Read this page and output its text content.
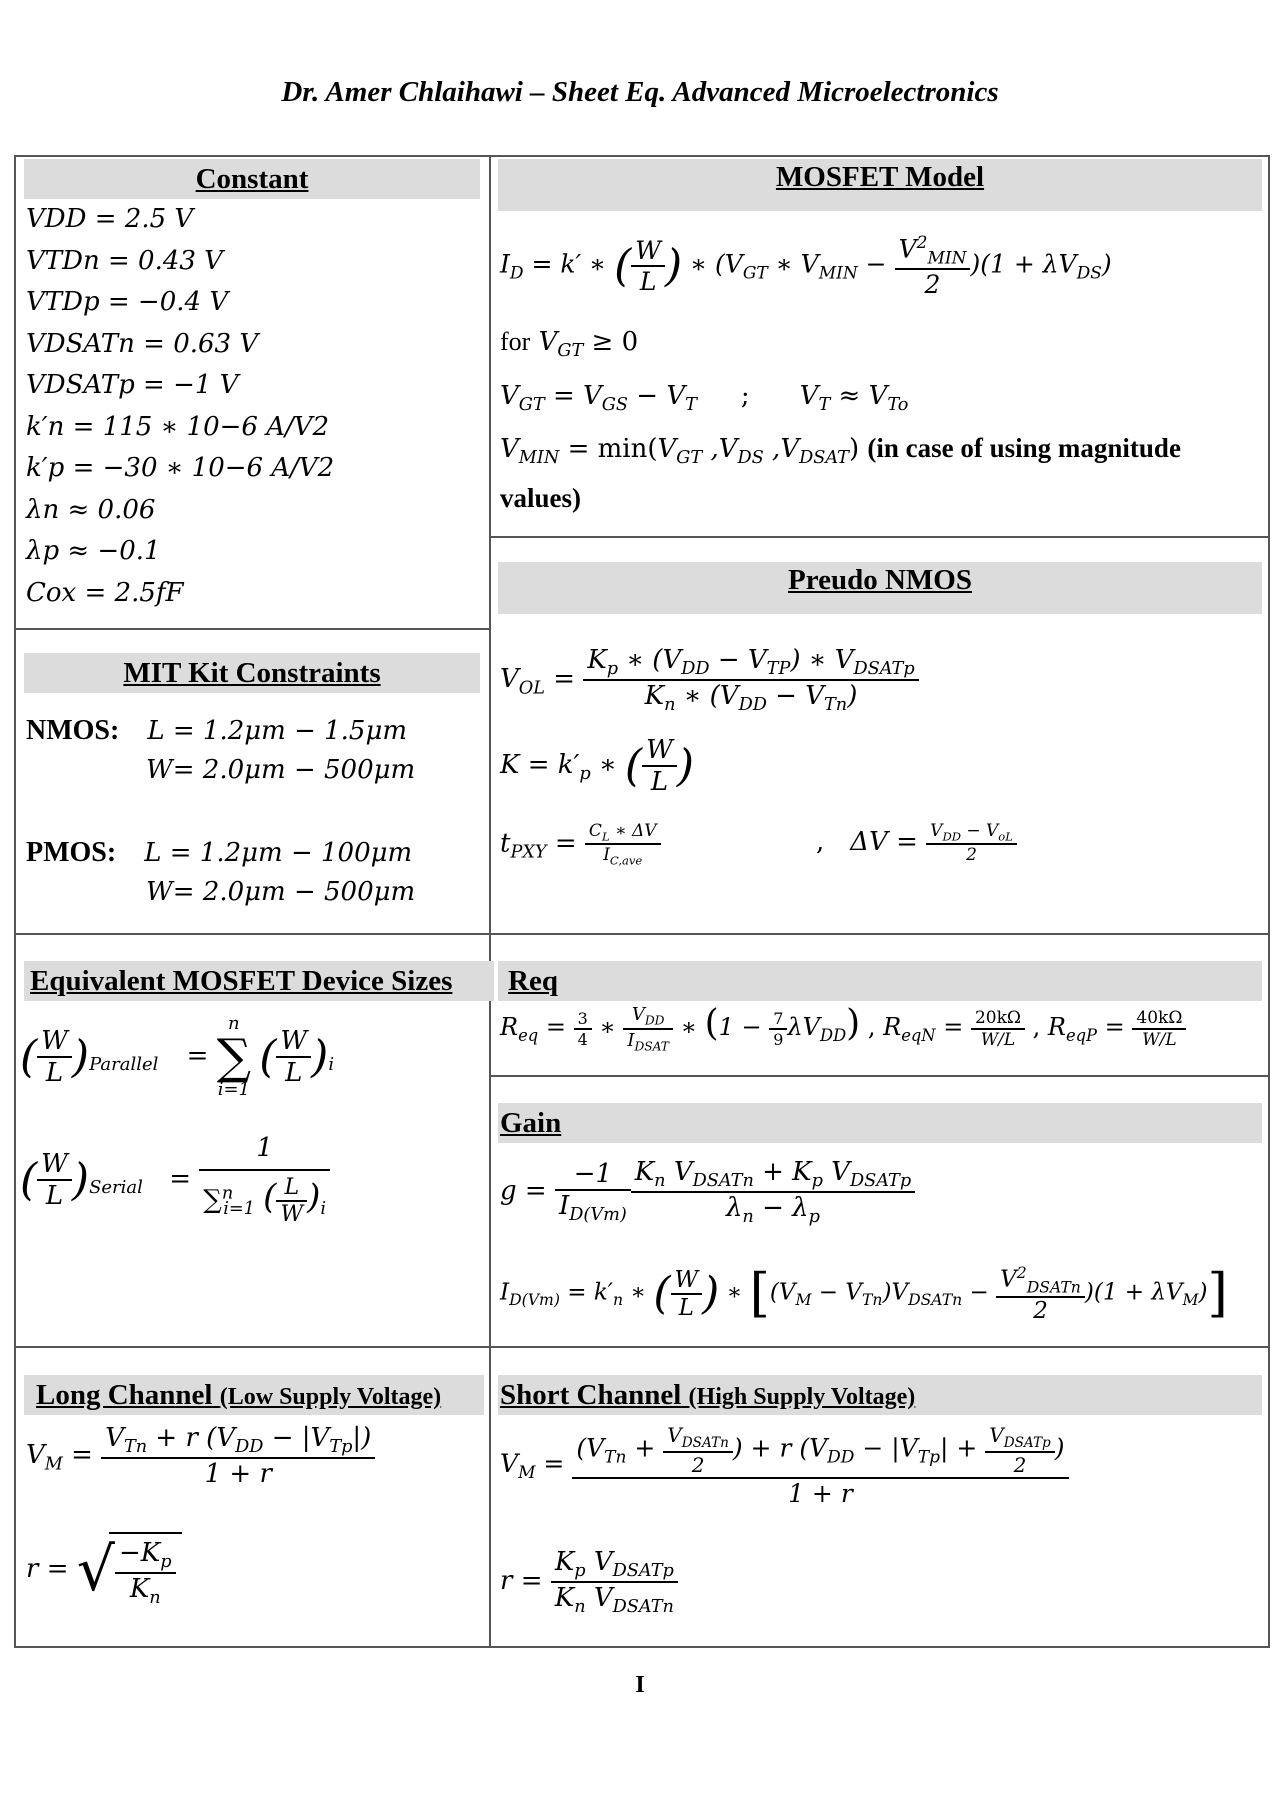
Dr. Amer Chlaihawi – Sheet Eq. Advanced Microelectronics
Constant
VDD = 2.5 V
VTDn = 0.43 V
VTDp = −0.4 V
VDSATn = 0.63 V
VDSATp = −1 V
k′n = 115 ∗ 10−6 A/V2
k′p = −30 ∗ 10−6 A/V2
λn ≈ 0.06
λp ≈ −0.1
Cox = 2.5fF
MIT Kit Constraints
NMOS: L = 1.2μm − 1.5μm
W= 2.0μm − 500μm
PMOS: L = 1.2μm − 100μm
W= 2.0μm − 500μm
Equivalent MOSFET Device Sizes
( $\frac{W}{L} )_{Parallel}$ =
n
∑
i=1
( $\frac{W}{L} )_i$
( $\frac{W}{L} )_{Serial} = \frac{1}{\sum^n_{i=1} ( \frac{L}{W} )_i}$
Long Channel (Low Supply Voltage)
$V_M = \frac{V_{Tn} + r (V_{DD} - |V_{Tp}|)}{1 + r}$
r = √
$\frac{-K_p}{K_n}$
MOSFET Model
$I_D = k'$ ∗ ( $\frac{W}{L}$ ) ∗ ($V_{GT}$ ∗ $V_{MIN} - \frac{V^2_{MIN}}{2} )(1 + \lambda V_{DS})$
for $V_{GT} \ge 0$
$V_{GT} = V_{GS} - V_T$ ; $V_T \approx V_{To}$
$V_{MIN} = \min(V_{GT}$ $,V_{DS}$ $,V_{DSAT}$) (in case of using magnitude
values)
Preudo NMOS
$V_{OL} = \frac{K_p ∗ (V_{DD} - V_{TP}) ∗ V_{DSATp}}{K_n ∗ (V_{DD} - V_{Tn})}$
$K = k'_p$ ∗ ( $\frac{W}{L}$ )
$t_{PXY} = \frac{C_L ∗ \Delta V}{I_{C,ave}}$	, $\Delta V = \frac{V_{DD} - V_{oL}}{2}$
Req
$R_{eq} = \frac{3}{4}$ ∗ $\frac{V_{DD}}{I_{DSAT}}$ ∗ $(1 - \frac{7}{9} \lambda V_{DD})$ , $R_{eqN} = \frac{20k\Omega}{W/L}$ , $R_{eqP} = \frac{40k\Omega}{W/L}$
Gain
$g = \frac{-1}{I_{D(Vm)}} \frac{K_n V_{DSATn} + K_p V_{DSATp}}{\lambda_n - \lambda_p}$
$I_{D(Vm)} = k'_n$ ∗ ( $\frac{W}{L}$ ) ∗ $[(V_M - V_{Tn})V_{DSATn} - \frac{V^2_{DSATn}}{2} )(1 + \lambda V_M)$]
Short Channel (High Supply Voltage)
$V_M = \frac{(V_{Tn} + \frac{V_{DSATn}}{2} ) + r (V_{DD} - |V_{Tp}| + \frac{V_{DSATp}}{2} )}{1 + r}$
$r = \frac{K_p V_{DSATp}}{K_n V_{DSATn}}$
I
